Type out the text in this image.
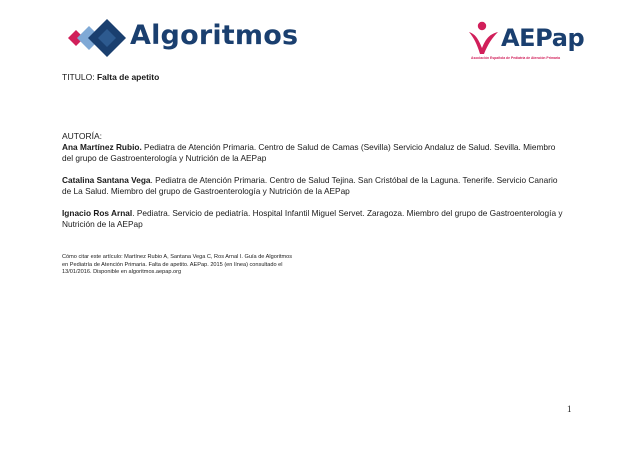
Algoritmos	AEPap
Asociación Española de Pediatría de Atención Primaria
TITULO: Falta de apetito
AUTORÍA:
Ana Martínez Rubio. Pediatra de Atención Primaria. Centro de Salud de Camas (Sevilla) Servicio Andaluz de Salud. Sevilla. Miembro
del grupo de Gastroenterología y Nutrición de la AEPap
Catalina Santana Vega. Pediatra de Atención Primaria. Centro de Salud Tejina. San Cristóbal de la Laguna. Tenerife. Servicio Canario
de La Salud. Miembro del grupo de Gastroenterología y Nutrición de la AEPap
Ignacio Ros Arnal. Pediatra. Servicio de pediatría. Hospital Infantil Miguel Servet. Zaragoza. Miembro del grupo de Gastroenterología y
Nutrición de la AEPap
Cómo citar este artículo: Martínez Rubio A, Santana Vega C, Ros Arnal I. Guía de Algoritmos
en Pediatría de Atención Primaria. Falta de apetito. AEPap. 2015 (en línea) consultado el
13/01/2016. Disponible en algoritmos.aepap.org
1
